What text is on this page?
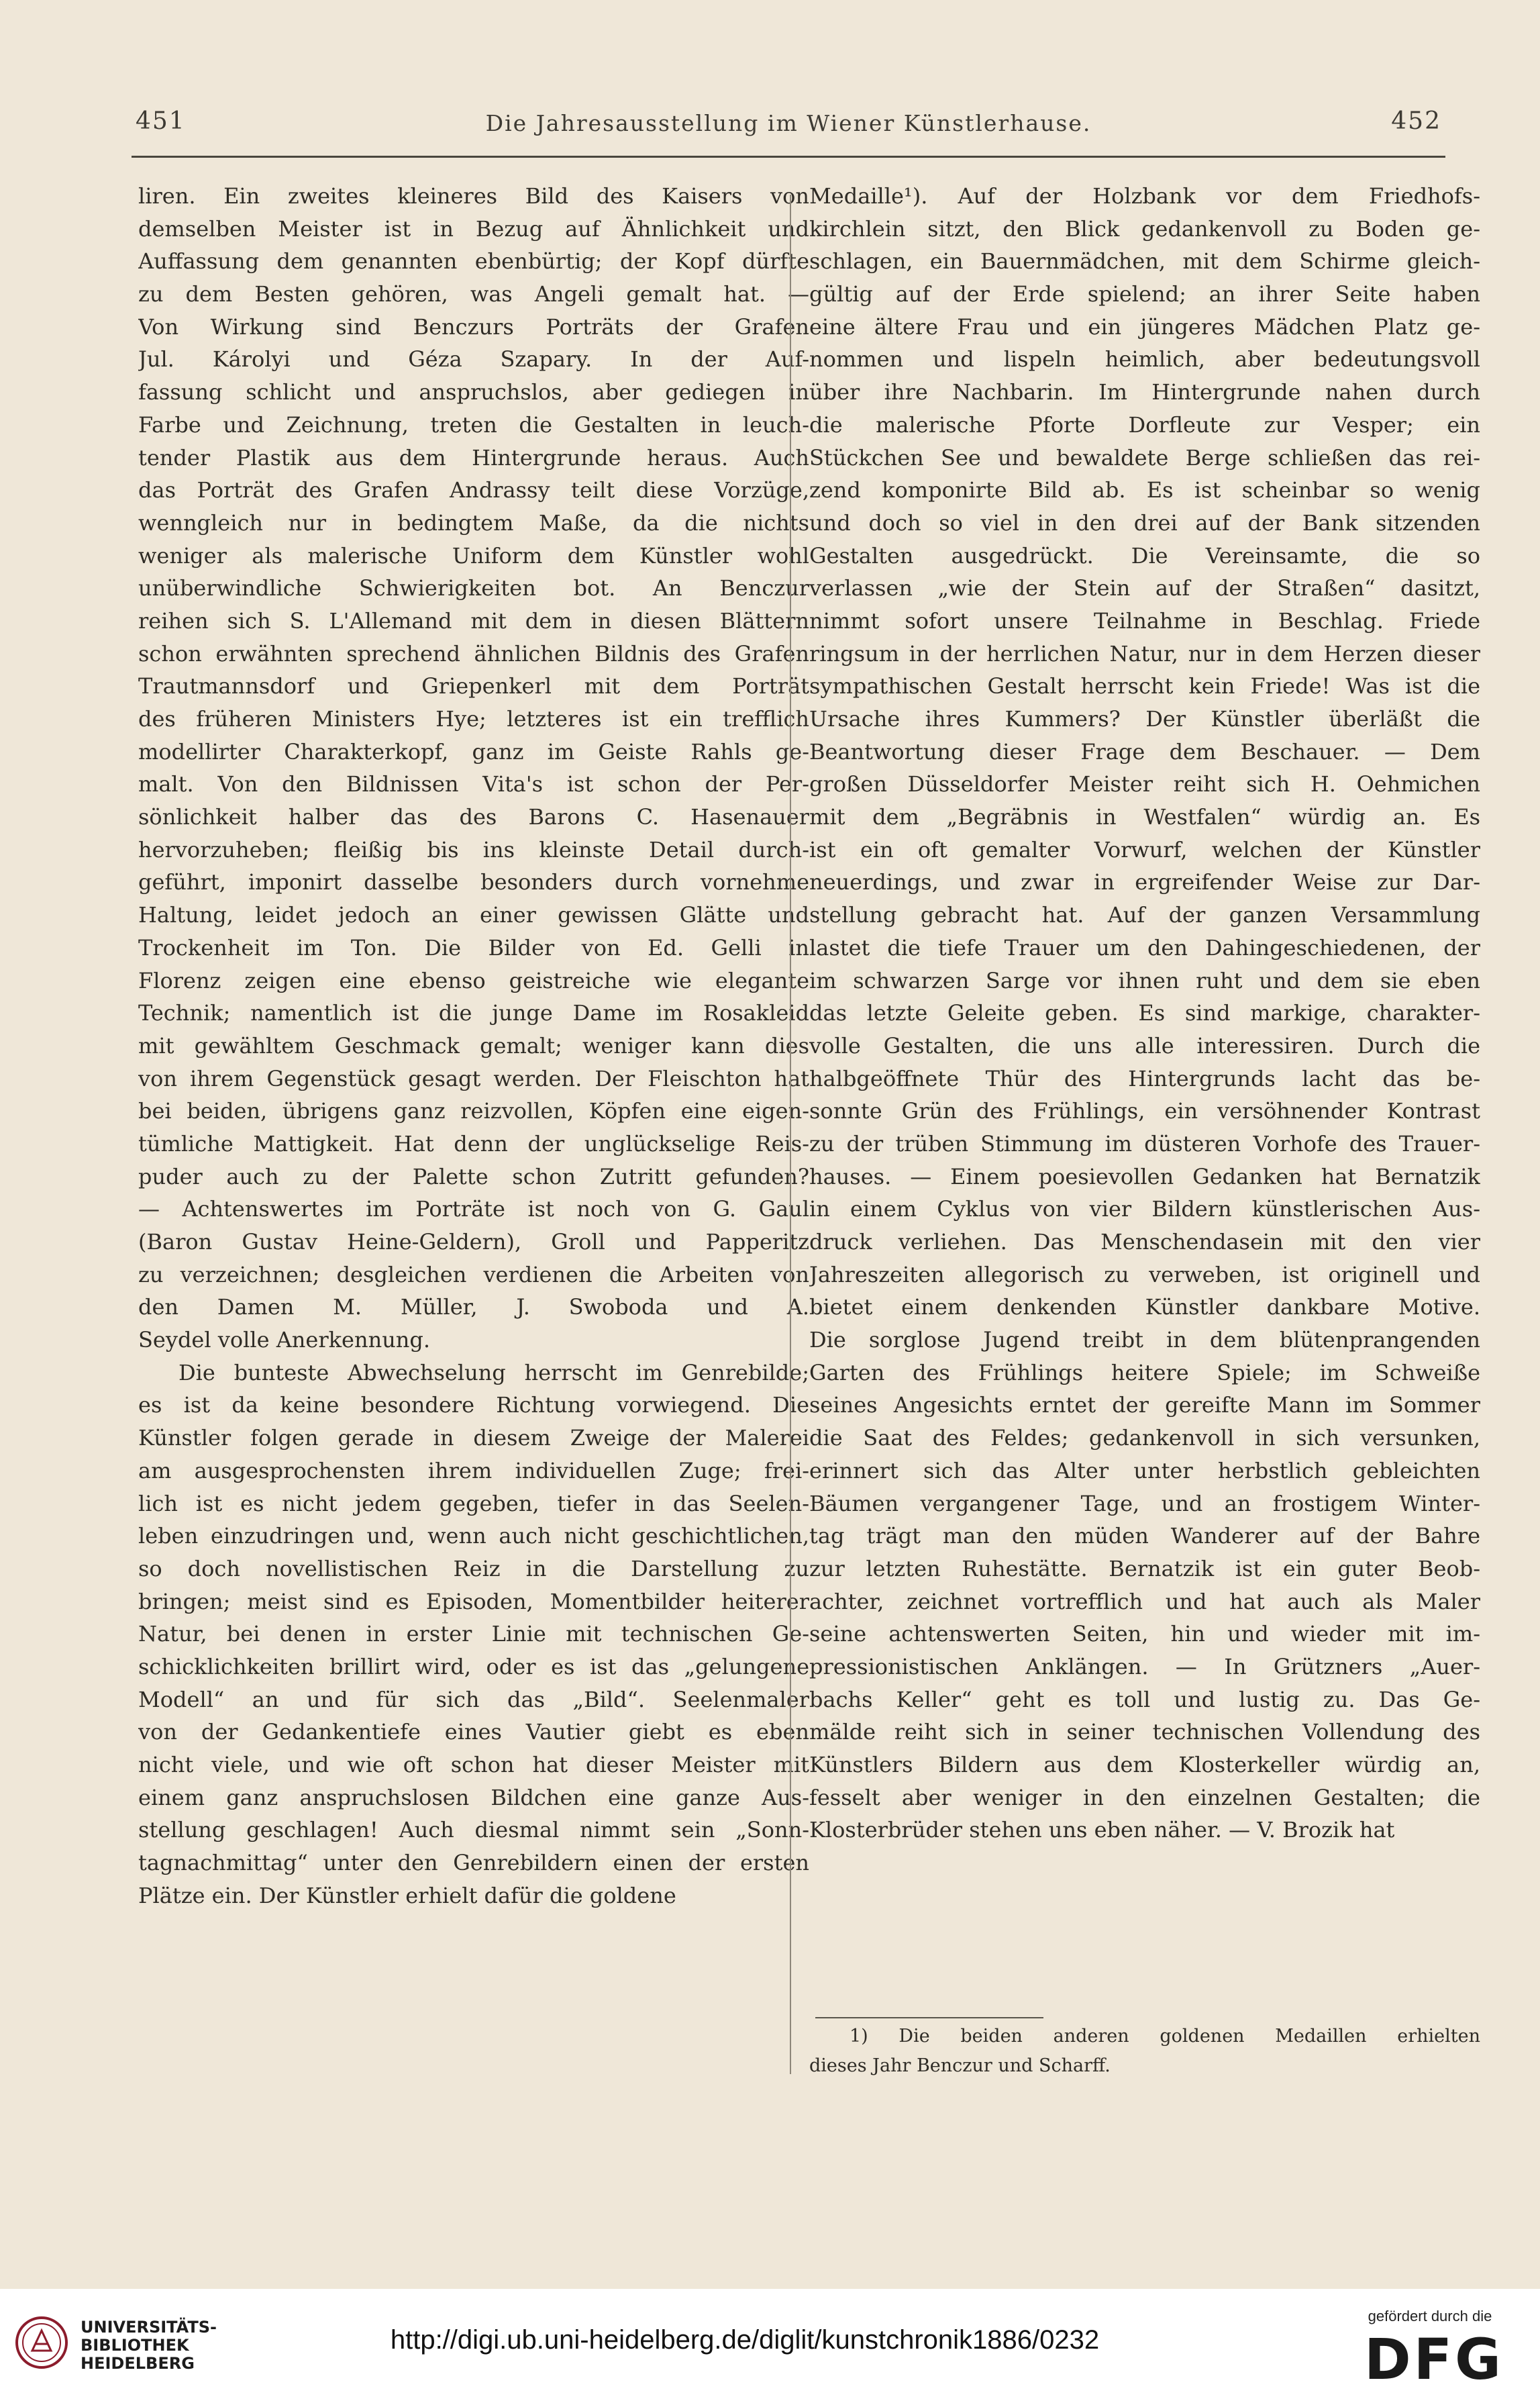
451	Die Jahresausstellung im Wiener Künstlerhause.	452
liren. Ein zweites kleineres Bild des Kaisers von
demselben Meister ist in Bezug auf Ähnlichkeit und
Auffassung dem genannten ebenbürtig; der Kopf dürfte
zu dem Besten gehören, was Angeli gemalt hat. —
Von Wirkung sind Benczurs Porträts der Grafen
Jul. Károlyi und Géza Szapary. In der Auf-
fassung schlicht und anspruchslos, aber gediegen in
Farbe und Zeichnung, treten die Gestalten in leuch-
tender Plastik aus dem Hintergrunde heraus. Auch
das Porträt des Grafen Andrassy teilt diese Vorzüge,
wenngleich nur in bedingtem Maße, da die nichts
weniger als malerische Uniform dem Künstler wohl
unüberwindliche Schwierigkeiten bot. An Benczur
reihen sich S. L'Allemand mit dem in diesen Blättern
schon erwähnten sprechend ähnlichen Bildnis des Grafen
Trautmannsdorf und Griepenkerl mit dem Porträt
des früheren Ministers Hye; letzteres ist ein trefflich
modellirter Charakterkopf, ganz im Geiste Rahls ge-
malt. Von den Bildnissen Vita's ist schon der Per-
sönlichkeit halber das des Barons C. Hasenauer
hervorzuheben; fleißig bis ins kleinste Detail durch-
geführt, imponirt dasselbe besonders durch vornehme
Haltung, leidet jedoch an einer gewissen Glätte und
Trockenheit im Ton. Die Bilder von Ed. Gelli in
Florenz zeigen eine ebenso geistreiche wie elegante
Technik; namentlich ist die junge Dame im Rosakleid
mit gewähltem Geschmack gemalt; weniger kann dies
von ihrem Gegenstück gesagt werden. Der Fleischton hat
bei beiden, übrigens ganz reizvollen, Köpfen eine eigen-
tümliche Mattigkeit. Hat denn der unglückselige Reis-
puder auch zu der Palette schon Zutritt gefunden?
— Achtenswertes im Porträte ist noch von G. Gaul
(Baron Gustav Heine-Geldern), Groll und Papperitz
zu verzeichnen; desgleichen verdienen die Arbeiten von
den Damen M. Müller, J. Swoboda und A.
Seydel volle Anerkennung.
Die bunteste Abwechselung herrscht im Genrebilde;
es ist da keine besondere Richtung vorwiegend. Die
Künstler folgen gerade in diesem Zweige der Malerei
am ausgesprochensten ihrem individuellen Zuge; frei-
lich ist es nicht jedem gegeben, tiefer in das Seelen-
leben einzudringen und, wenn auch nicht geschichtlichen,
so doch novellistischen Reiz in die Darstellung zu
bringen; meist sind es Episoden, Momentbilder heiterer
Natur, bei denen in erster Linie mit technischen Ge-
schicklichkeiten brillirt wird, oder es ist das „gelungene
Modell“ an und für sich das „Bild“. Seelenmaler
von der Gedankentiefe eines Vautier giebt es eben
nicht viele, und wie oft schon hat dieser Meister mit
einem ganz anspruchslosen Bildchen eine ganze Aus-
stellung geschlagen! Auch diesmal nimmt sein „Sonn-
tagnachmittag“ unter den Genrebildern einen der ersten
Plätze ein. Der Künstler erhielt dafür die goldene
Medaille¹). Auf der Holzbank vor dem Friedhofs-
kirchlein sitzt, den Blick gedankenvoll zu Boden ge-
schlagen, ein Bauernmädchen, mit dem Schirme gleich-
gültig auf der Erde spielend; an ihrer Seite haben
eine ältere Frau und ein jüngeres Mädchen Platz ge-
nommen und lispeln heimlich, aber bedeutungsvoll
über ihre Nachbarin. Im Hintergrunde nahen durch
die malerische Pforte Dorfleute zur Vesper; ein
Stückchen See und bewaldete Berge schließen das rei-
zend komponirte Bild ab. Es ist scheinbar so wenig
und doch so viel in den drei auf der Bank sitzenden
Gestalten ausgedrückt. Die Vereinsamte, die so
verlassen „wie der Stein auf der Straßen“ dasitzt,
nimmt sofort unsere Teilnahme in Beschlag. Friede
ringsum in der herrlichen Natur, nur in dem Herzen dieser
sympathischen Gestalt herrscht kein Friede! Was ist die
Ursache ihres Kummers? Der Künstler überläßt die
Beantwortung dieser Frage dem Beschauer. — Dem
großen Düsseldorfer Meister reiht sich H. Oehmichen
mit dem „Begräbnis in Westfalen“ würdig an. Es
ist ein oft gemalter Vorwurf, welchen der Künstler
neuerdings, und zwar in ergreifender Weise zur Dar-
stellung gebracht hat. Auf der ganzen Versammlung
lastet die tiefe Trauer um den Dahingeschiedenen, der
im schwarzen Sarge vor ihnen ruht und dem sie eben
das letzte Geleite geben. Es sind markige, charakter-
volle Gestalten, die uns alle interessiren. Durch die
halbgeöffnete Thür des Hintergrunds lacht das be-
sonnte Grün des Frühlings, ein versöhnender Kontrast
zu der trüben Stimmung im düsteren Vorhofe des Trauer-
hauses. — Einem poesievollen Gedanken hat Bernatzik
in einem Cyklus von vier Bildern künstlerischen Aus-
druck verliehen. Das Menschendasein mit den vier
Jahreszeiten allegorisch zu verweben, ist originell und
bietet einem denkenden Künstler dankbare Motive.
Die sorglose Jugend treibt in dem blütenprangenden
Garten des Frühlings heitere Spiele; im Schweiße
seines Angesichts erntet der gereifte Mann im Sommer
die Saat des Feldes; gedankenvoll in sich versunken,
erinnert sich das Alter unter herbstlich gebleichten
Bäumen vergangener Tage, und an frostigem Winter-
tag trägt man den müden Wanderer auf der Bahre
zur letzten Ruhestätte. Bernatzik ist ein guter Beob-
achter, zeichnet vortrefflich und hat auch als Maler
seine achtenswerten Seiten, hin und wieder mit im-
pressionistischen Anklängen. — In Grützners „Auer-
bachs Keller“ geht es toll und lustig zu. Das Ge-
mälde reiht sich in seiner technischen Vollendung des
Künstlers Bildern aus dem Klosterkeller würdig an,
fesselt aber weniger in den einzelnen Gestalten; die
Klosterbrüder stehen uns eben näher. — V. Brozik hat
1) Die beiden anderen goldenen Medaillen erhielten
dieses Jahr Benczur und Scharff.
UNIVERSITÄTS-
BIBLIOTHEK
HEIDELBERG
http://digi.ub.uni-heidelberg.de/diglit/kunstchronik1886/0232
gefördert durch die
DFG
